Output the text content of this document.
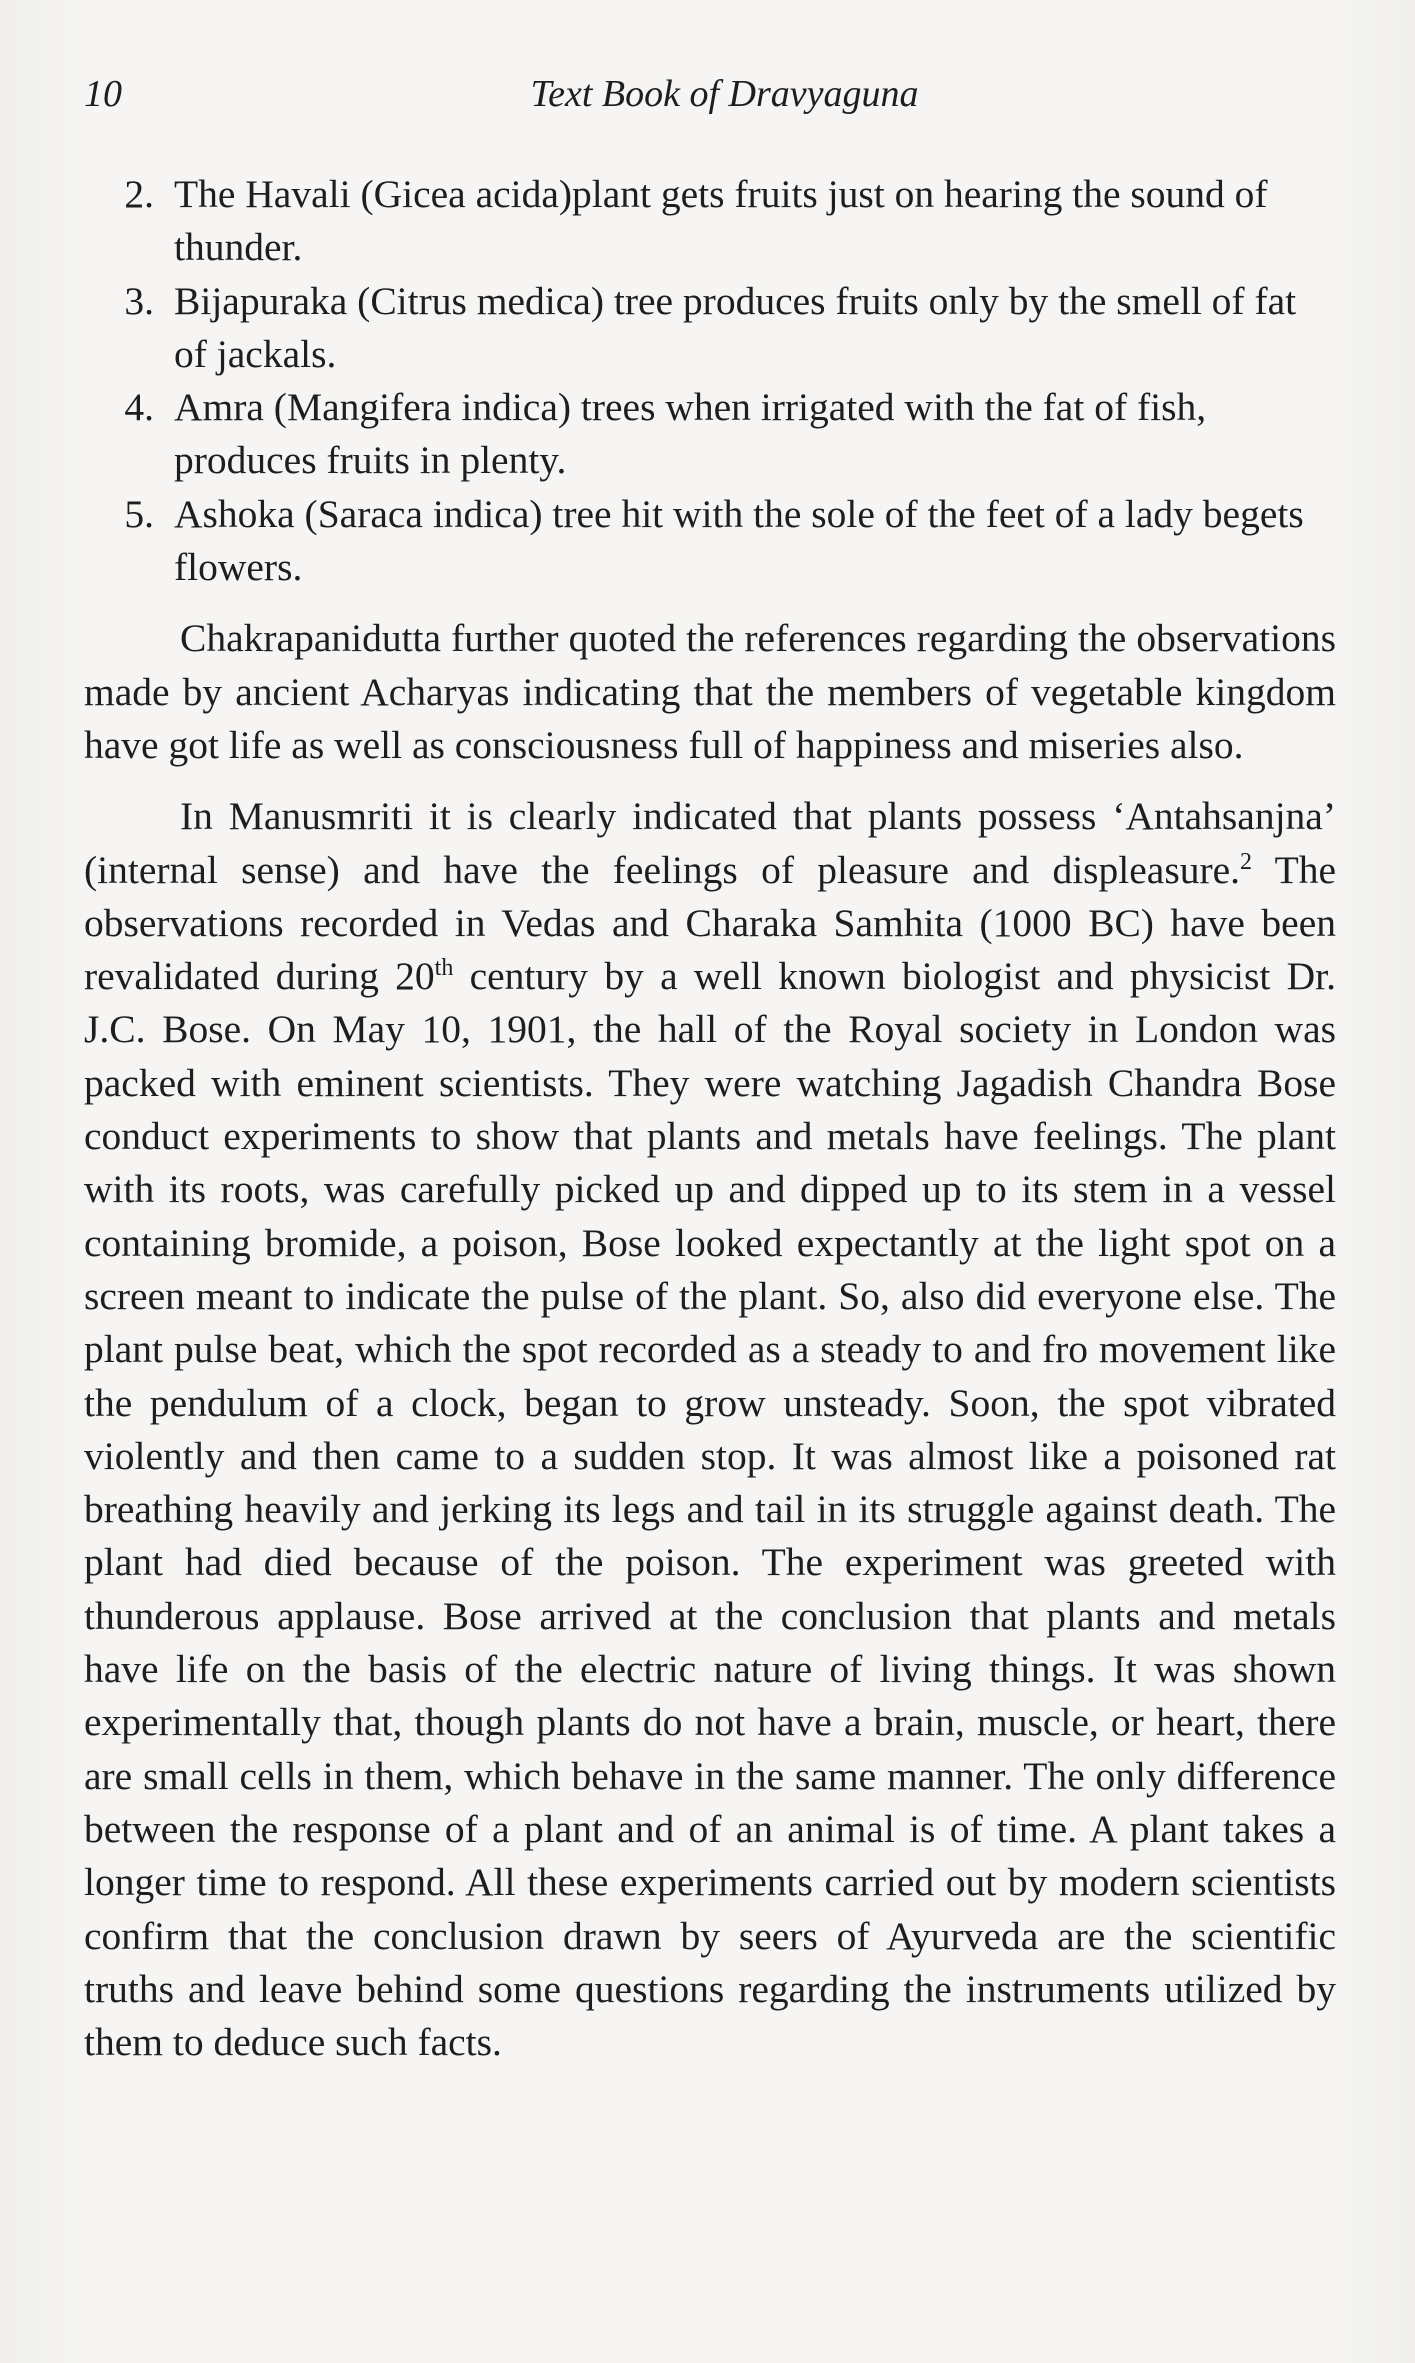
10	Text Book of Dravyaguna
2. The Havali (Gicea acida)plant gets fruits just on hearing the sound of thunder.
3. Bijapuraka (Citrus medica) tree produces fruits only by the smell of fat of jackals.
4. Amra (Mangifera indica) trees when irrigated with the fat of fish, produces fruits in plenty.
5. Ashoka (Saraca indica) tree hit with the sole of the feet of a lady begets flowers.

Chakrapanidutta further quoted the references regarding the observations made by ancient Acharyas indicating that the members of vegetable kingdom have got life as well as consciousness full of happiness and miseries also.

In Manusmriti it is clearly indicated that plants possess ‘Antahsanjna’ (internal sense) and have the feelings of pleasure and displeasure.$^2$ The observations recorded in Vedas and Charaka Samhita (1000 BC) have been revalidated during 20th century by a well known biologist and physicist Dr. J.C. Bose. On May 10, 1901, the hall of the Royal society in London was packed with eminent scientists. They were watching Jagadish Chandra Bose conduct experiments to show that plants and metals have feelings. The plant with its roots, was carefully picked up and dipped up to its stem in a vessel containing bromide, a poison, Bose looked expectantly at the light spot on a screen meant to indicate the pulse of the plant. So, also did everyone else. The plant pulse beat, which the spot recorded as a steady to and fro movement like the pendulum of a clock, began to grow unsteady. Soon, the spot vibrated violently and then came to a sudden stop. It was almost like a poisoned rat breathing heavily and jerking its legs and tail in its struggle against death. The plant had died because of the poison. The experiment was greeted with thunderous applause. Bose arrived at the conclusion that plants and metals have life on the basis of the electric nature of living things. It was shown experimentally that, though plants do not have a brain, muscle, or heart, there are small cells in them, which behave in the same manner. The only difference between the response of a plant and of an animal is of time. A plant takes a longer time to respond. All these experiments carried out by modern scientists confirm that the conclusion drawn by seers of Ayurveda are the scientific truths and leave behind some questions regarding the instruments utilized by them to deduce such facts.
